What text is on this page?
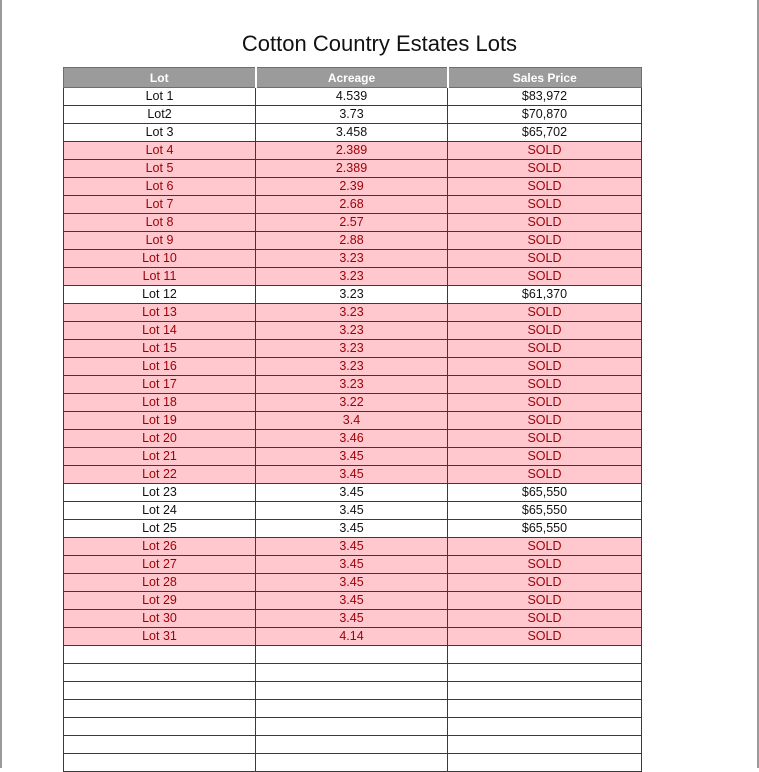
Cotton Country Estates Lots
Lot	Acreage	Sales Price
Lot 1	4.539	$83,972
Lot2	3.73	$70,870
Lot 3	3.458	$65,702
Lot 4	2.389	SOLD
Lot 5	2.389	SOLD
Lot 6	2.39	SOLD
Lot 7	2.68	SOLD
Lot 8	2.57	SOLD
Lot 9	2.88	SOLD
Lot 10	3.23	SOLD
Lot 11	3.23	SOLD
Lot 12	3.23	$61,370
Lot 13	3.23	SOLD
Lot 14	3.23	SOLD
Lot 15	3.23	SOLD
Lot 16	3.23	SOLD
Lot 17	3.23	SOLD
Lot 18	3.22	SOLD
Lot 19	3.4	SOLD
Lot 20	3.46	SOLD
Lot 21	3.45	SOLD
Lot 22	3.45	SOLD
Lot 23	3.45	$65,550
Lot 24	3.45	$65,550
Lot 25	3.45	$65,550
Lot 26	3.45	SOLD
Lot 27	3.45	SOLD
Lot 28	3.45	SOLD
Lot 29	3.45	SOLD
Lot 30	3.45	SOLD
Lot 31	4.14	SOLD
